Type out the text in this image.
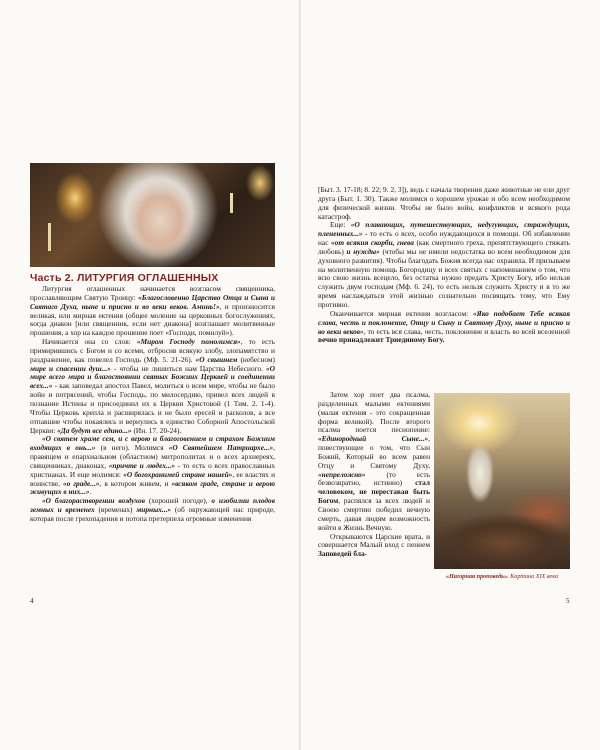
Часть 2. ЛИТУРГИЯ ОГЛАШЕННЫХ

Литургия оглашенных начинается возгласом священника, прославляющим Святую Троицу: «Благословенно Царство Отца и Сына и Святаго Духа, ныне и присно и во веки веков. Аминь!», и произносится великая, или мирная ектения (общее моление на церковных богослужениях, когда диакон [или священник, если нет диакона] возглашает молитвенные прошения, а хор на каждое прошение поет «Господи, помилуй»).

Начинается она со слов: «Миром Господу помолимся», то есть примирившись с Богом и со всеми, отбросив всякую злобу, злопамятство и раздражение, как повелел Господь (Мф. 5. 21-26). «О свышнем (небесном) мире и спасении душ...» - чтобы не лишиться нам Царства Небесного. «О мире всего мира и благостоянии святых Божиих Церквей и соединении всех...» - как заповедал апостол Павел, молиться о всем мире, чтобы не было войн и потрясений, чтобы Господь, по милосердию, привел всех людей в познание Истины и присоединил их к Церкви Христовой (1 Тим. 2. 1-4). Чтобы Церковь крепла и расширялась и не было ересей и расколов, а все отпавшие чтобы покаялись и вернулись в единство Соборной Апостольской Церкви: «Да будут все едино...» (Ин. 17. 20-24).

«О святем храме сем, и с верою и благоговением и страхом Божиим входящих в онь...» (в него). Молимся «О Святейшем Патриархе...», правящем и епархиальном (областном) митрополитах и о всех архиереях, священниках, диаконах, «причте и людех...» - то есть о всех православных христианах. И еще молимся: «О богохранимей стране нашей», ее властях и воинстве, «о граде...», в котором живем, и «всяком граде, стране и верою живущих в них...».

«О благорастворении воздухов (хорошей погоде), о изобилии плодов земных и временех (временах) мирных...» (об окружающей нас природе, которая после грехопадения и потопа претерпела огромные изменения

4

[Быт. 3. 17-18; 8. 22; 9. 2, 3]), ведь с начала творения даже животные не ели друг друга (Быт. 1. 30). Также молимся о хорошем урожае и обо всем необходимом для физической жизни. Чтобы не было войн, конфликтов и всякого рода катастроф.

Еще: «О плавающих, путешествующих, недугующих, страждущих, плененных...» - то есть о всех, особо нуждающихся в помощи. Об избавлении нас «от всякия скорби, гнева (как смертного греха, препятствующего стяжать любовь) и нужды» (чтобы мы не имели недостатка во всем необходимом для духовного развития). Чтобы благодать Божия всегда нас охраняла. И призываем на молитвенную помощь Богородицу и всех святых с напоминанием о том, что всю свою жизнь всецело, без остатка нужно предать Христу Богу, ибо нельзя служить двум господам (Мф. 6. 24), то есть нельзя служить Христу и в то же время наслаждаться этой жизнью сознательно посвящать тому, что Ему противно.

Оканчивается мирная ектения возгласом: «Яко подобает Тебе всякая слава, честь и поклонение, Отцу и Сыну и Святому Духу, ныне и присно и во веки веков», то есть вся слава, честь, поклонение и власть во всей вселенной вечно принадлежит Триединому Богу.

Затем хор поет два псалма, разделенных малыми ектениями (малая ектения - это сокращенная форма великой). После второго псалма поется песнопение: «Единородный Сыне...», повествующее о том, что Сын Божий, Который во всем равен Отцу и Святому Духу, «непреложно» (то есть безвозвратно, истинно) стал человеком, не переставая быть Богом, распялся за всех людей и Своею смертию победил вечную смерть, давая людям возможность войти в Жизнь Вечную.

Открываются Царские врата, и совершается Малый вход с пением Заповедей бла-

«Нагорная проповедь». Картина XIX века

5
